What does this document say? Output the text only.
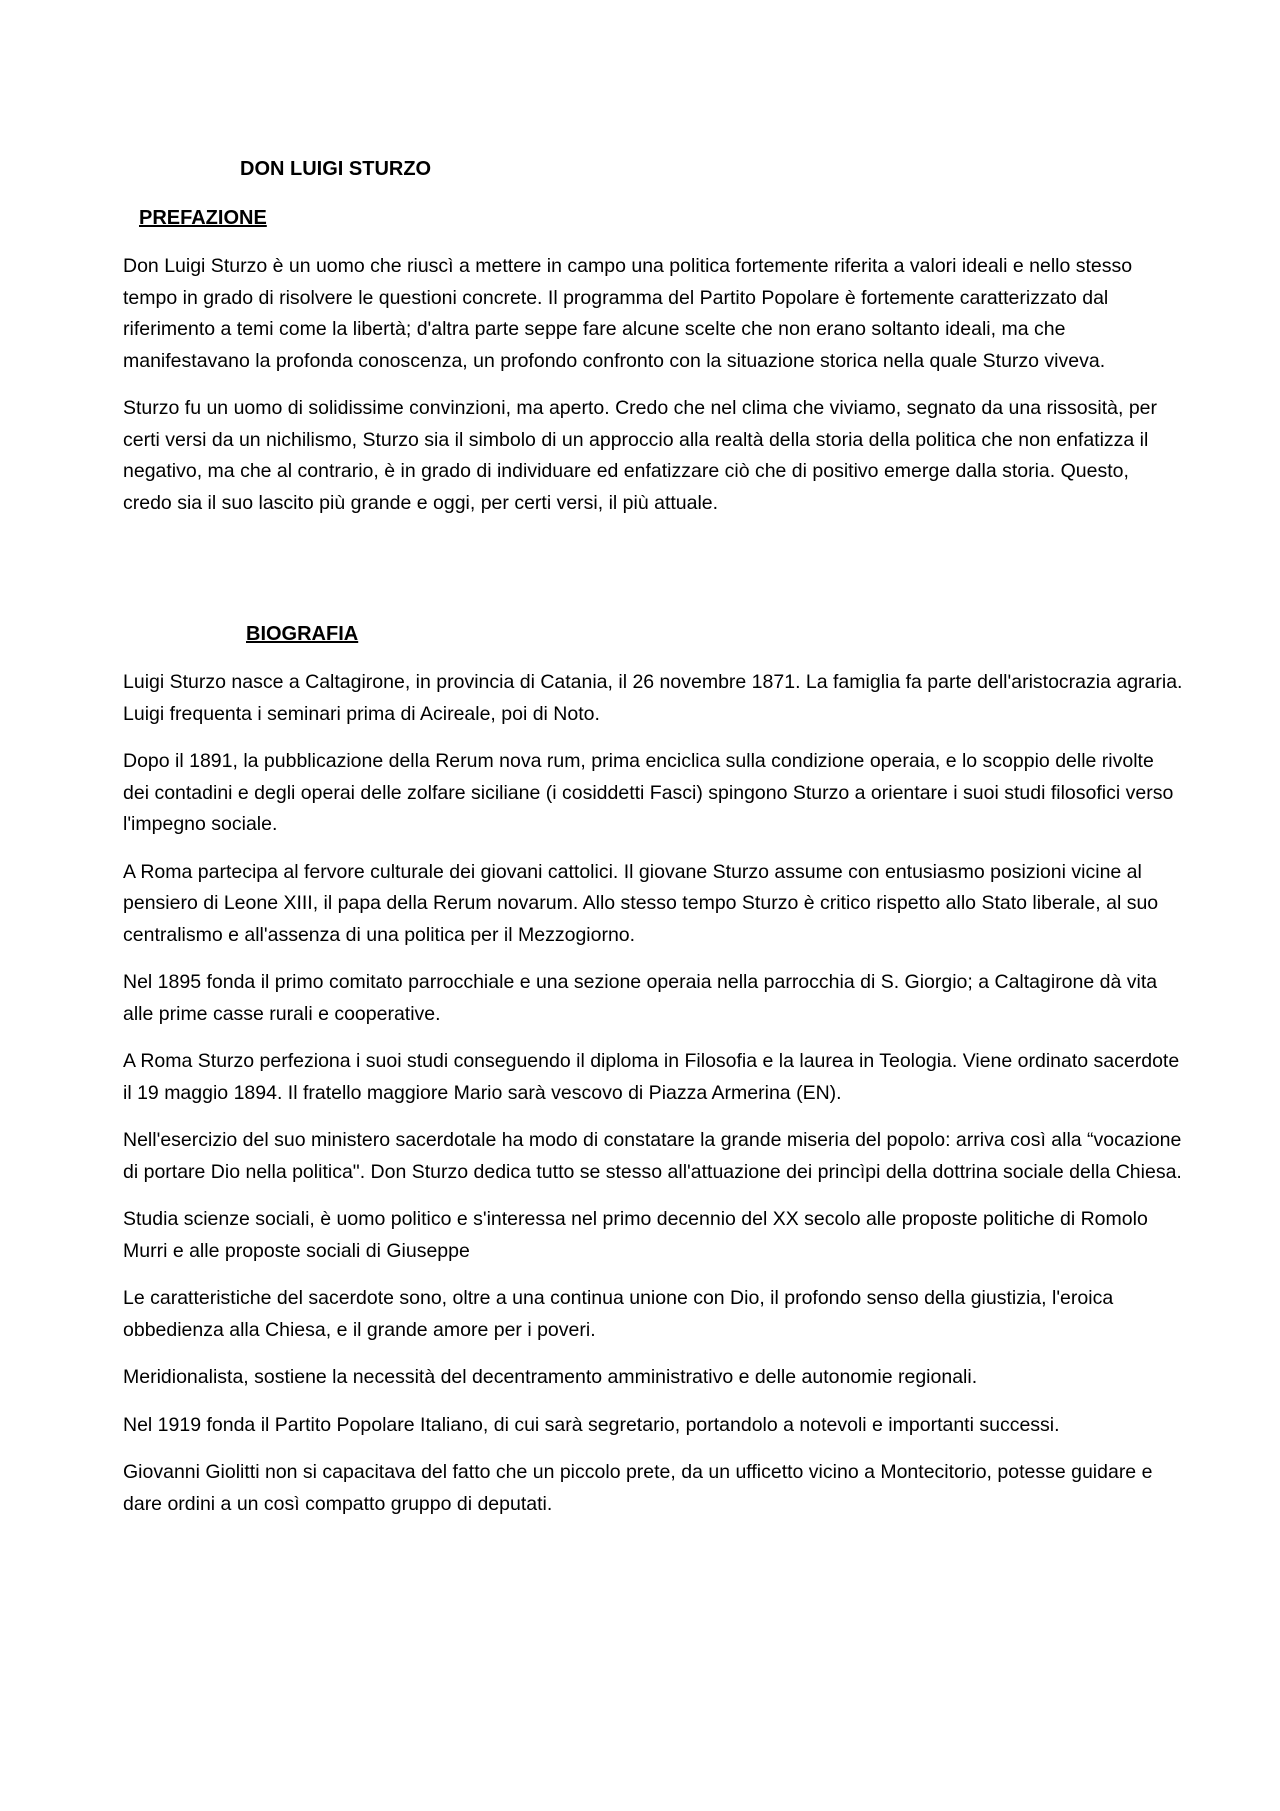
DON LUIGI STURZO
PREFAZIONE

Don Luigi Sturzo è un uomo che riuscì a mettere in campo una politica fortemente riferita a valori ideali e nello stesso tempo in grado di risolvere le questioni concrete. Il programma del Partito Popolare è fortemente caratterizzato dal riferimento a temi come la libertà; d'altra parte seppe fare alcune scelte che non erano soltanto ideali, ma che manifestavano la profonda conoscenza, un profondo confronto con la situazione storica nella quale Sturzo viveva.

Sturzo fu un uomo di solidissime convinzioni, ma aperto. Credo che nel clima che viviamo, segnato da una rissosità, per certi versi da un nichilismo, Sturzo sia il simbolo di un approccio alla realtà della storia della politica che non enfatizza il negativo, ma che al contrario, è in grado di individuare ed enfatizzare ciò che di positivo emerge dalla storia. Questo, credo sia il suo lascito più grande e oggi, per certi versi, il più attuale.

BIOGRAFIA

Luigi Sturzo nasce a Caltagirone, in provincia di Catania, il 26 novembre 1871. La famiglia fa parte dell'aristocrazia agraria. Luigi frequenta i seminari prima di Acireale, poi di Noto.

Dopo il 1891, la pubblicazione della Rerum nova rum, prima enciclica sulla condizione operaia, e lo scoppio delle rivolte dei contadini e degli operai delle zolfare siciliane (i cosiddetti Fasci) spingono Sturzo a orientare i suoi studi filosofici verso l'impegno sociale.

A Roma partecipa al fervore culturale dei giovani cattolici. Il giovane Sturzo assume con entusiasmo posizioni vicine al pensiero di Leone XIII, il papa della Rerum novarum. Allo stesso tempo Sturzo è critico rispetto allo Stato liberale, al suo centralismo e all'assenza di una politica per il Mezzogiorno.

Nel 1895 fonda il primo comitato parrocchiale e una sezione operaia nella parrocchia di S. Giorgio; a Caltagirone dà vita alle prime casse rurali e cooperative.

A Roma Sturzo perfeziona i suoi studi conseguendo il diploma in Filosofia e la laurea in Teologia. Viene ordinato sacerdote il 19 maggio 1894. Il fratello maggiore Mario sarà vescovo di Piazza Armerina (EN).

Nell'esercizio del suo ministero sacerdotale ha modo di constatare la grande miseria del popolo: arriva così alla “vocazione di portare Dio nella politica". Don Sturzo dedica tutto se stesso all'attuazione dei princìpi della dottrina sociale della Chiesa.

Studia scienze sociali, è uomo politico e s'interessa nel primo decennio del XX secolo alle proposte politiche di Romolo Murri e alle proposte sociali di Giuseppe

Le caratteristiche del sacerdote sono, oltre a una continua unione con Dio, il profondo senso della giustizia, l'eroica obbedienza alla Chiesa, e il grande amore per i poveri.

Meridionalista, sostiene la necessità del decentramento amministrativo e delle autonomie regionali.

Nel 1919 fonda il Partito Popolare Italiano, di cui sarà segretario, portandolo a notevoli e importanti successi.

Giovanni Giolitti non si capacitava del fatto che un piccolo prete, da un ufficetto vicino a Montecitorio, potesse guidare e dare ordini a un così compatto gruppo di deputati.
